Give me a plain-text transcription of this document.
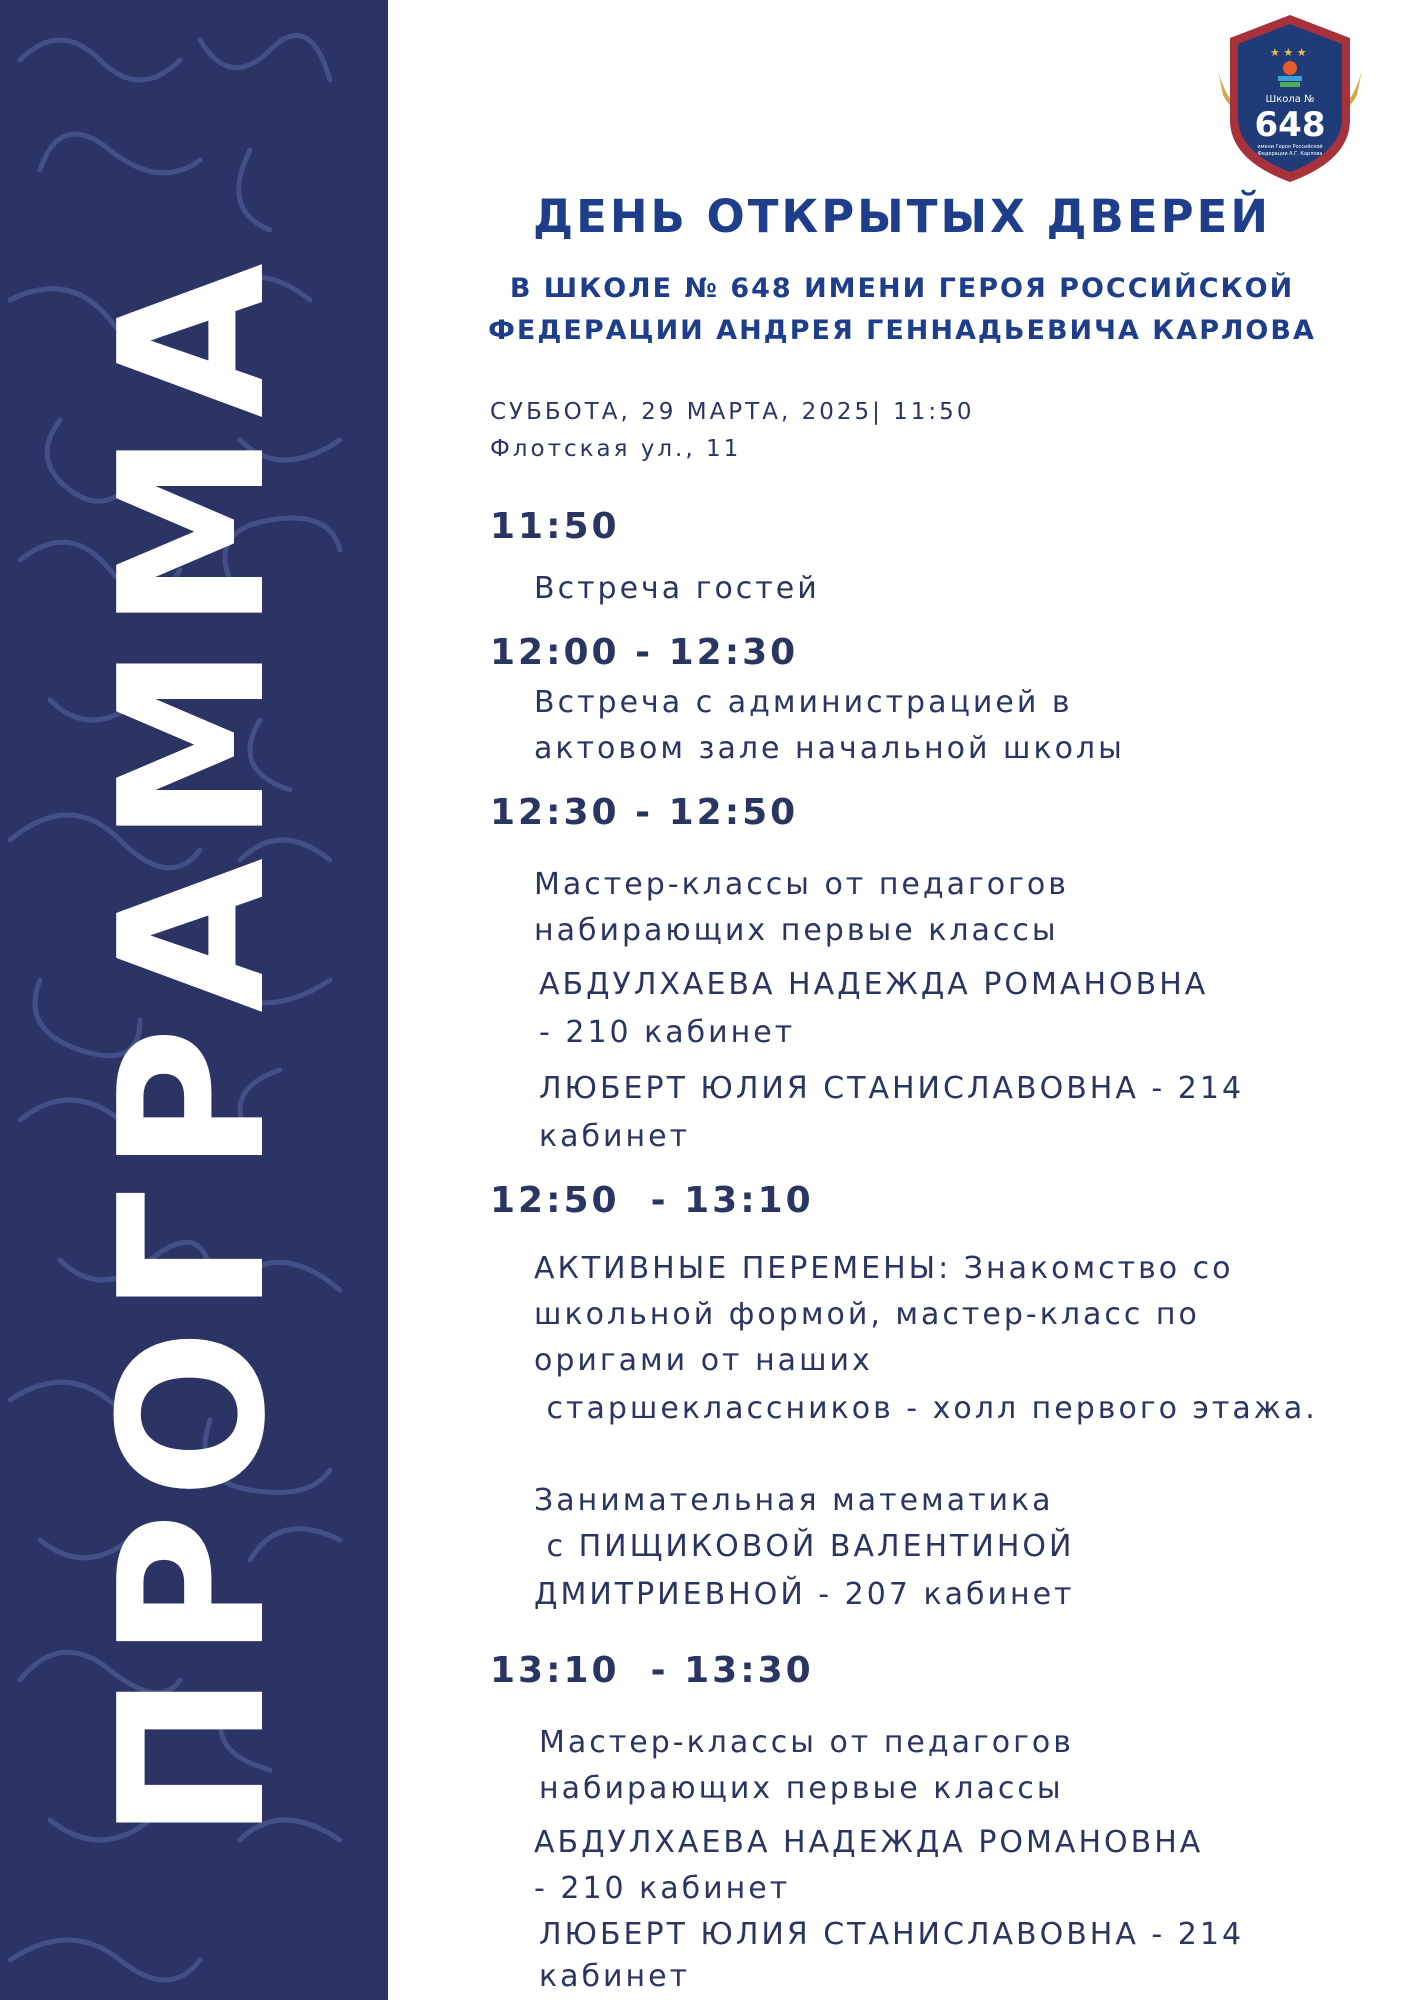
ПРОГРАММА
★ ★ ★
Школа №
648
имени Героя Российской
Федерации А.Г. Карлова
ДЕНЬ ОТКРЫТЫХ ДВЕРЕЙ
В ШКОЛЕ № 648 ИМЕНИ ГЕРОЯ РОССИЙСКОЙ
ФЕДЕРАЦИИ АНДРЕЯ ГЕННАДЬЕВИЧА КАРЛОВА
СУББОТА, 29 МАРТА, 2025| 11:50
Флотская ул., 11
11:50
Встреча гостей
12:00 - 12:30
Встреча с администрацией в
актовом зале начальной школы
12:30 - 12:50
Мастер-классы от педагогов
набирающих первые классы
АБДУЛХАЕВА НАДЕЖДА РОМАНОВНА
- 210 кабинет
ЛЮБЕРТ ЮЛИЯ СТАНИСЛАВОВНА - 214
кабинет
12:50  - 13:10
АКТИВНЫЕ ПЕРЕМЕНЫ: Знакомство со
школьной формой, мастер-класс по
оригами от наших
старшеклассников - холл первого этажа.
Занимательная математика
с ПИЩИКОВОЙ ВАЛЕНТИНОЙ
ДМИТРИЕВНОЙ - 207 кабинет
13:10  - 13:30
Мастер-классы от педагогов
набирающих первые классы
АБДУЛХАЕВА НАДЕЖДА РОМАНОВНА
- 210 кабинет
ЛЮБЕРТ ЮЛИЯ СТАНИСЛАВОВНА - 214
кабинет
